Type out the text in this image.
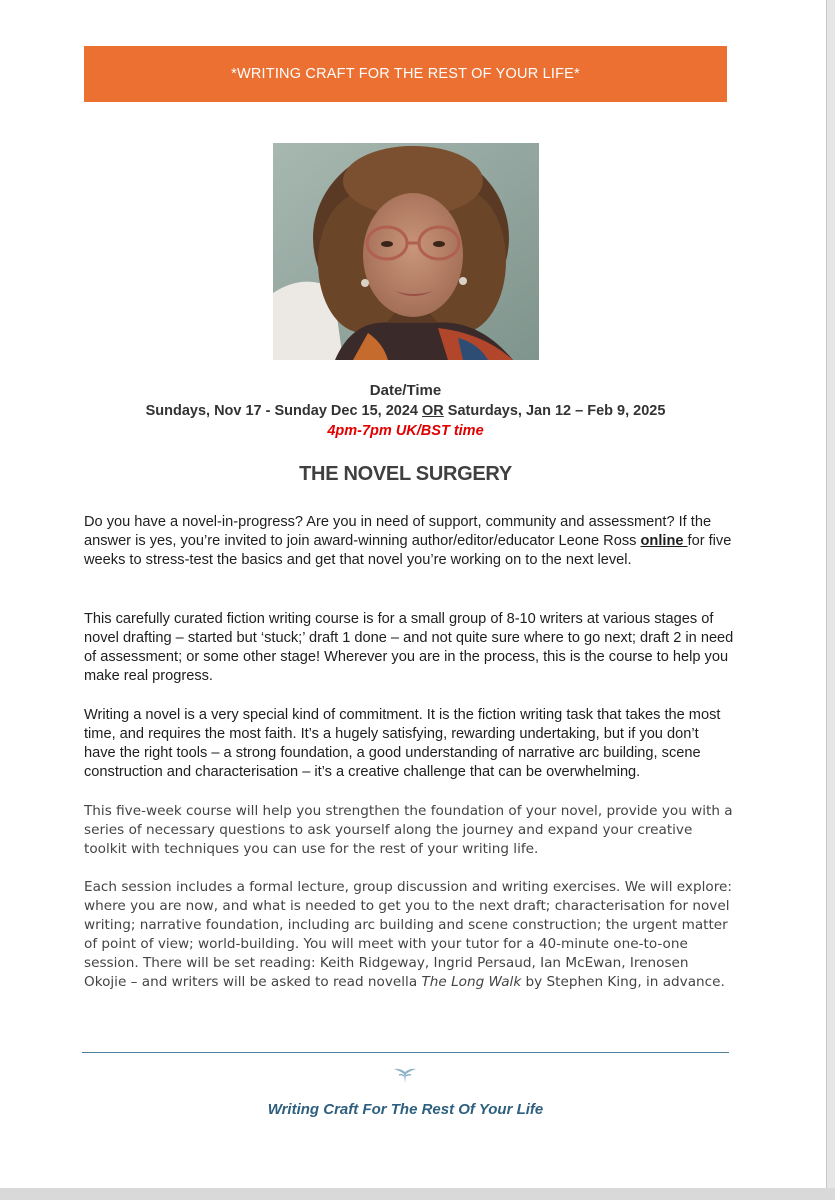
*WRITING CRAFT FOR THE REST OF YOUR LIFE*
Date/Time
Sundays, Nov 17 - Sunday Dec 15, 2024 OR Saturdays, Jan 12 – Feb 9, 2025
4pm-7pm UK/BST time
THE NOVEL SURGERY

Do you have a novel-in-progress? Are you in need of support, community and assessment? If the answer is yes, you’re invited to join award-winning author/editor/educator Leone Ross online for five weeks to stress-test the basics and get that novel you’re working on to the next level.

This carefully curated fiction writing course is for a small group of 8-10 writers at various stages of novel drafting – started but ‘stuck;’ draft 1 done – and not quite sure where to go next; draft 2 in need of assessment; or some other stage! Wherever you are in the process, this is the course to help you make real progress.

Writing a novel is a very special kind of commitment. It is the fiction writing task that takes the most time, and requires the most faith. It’s a hugely satisfying, rewarding undertaking, but if you don’t have the right tools – a strong foundation, a good understanding of narrative arc building, scene construction and characterisation – it’s a creative challenge that can be overwhelming.

This five-week course will help you strengthen the foundation of your novel, provide you with a series of necessary questions to ask yourself along the journey and expand your creative toolkit with techniques you can use for the rest of your writing life.

Each session includes a formal lecture, group discussion and writing exercises. We will explore: where you are now, and what is needed to get you to the next draft; characterisation for novel writing; narrative foundation, including arc building and scene construction; the urgent matter of point of view; world-building. You will meet with your tutor for a 40-minute one-to-one session. There will be set reading: Keith Ridgeway, Ingrid Persaud, Ian McEwan, Irenosen Okojie – and writers will be asked to read novella The Long Walk by Stephen King, in advance.

Writing Craft For The Rest Of Your Life
